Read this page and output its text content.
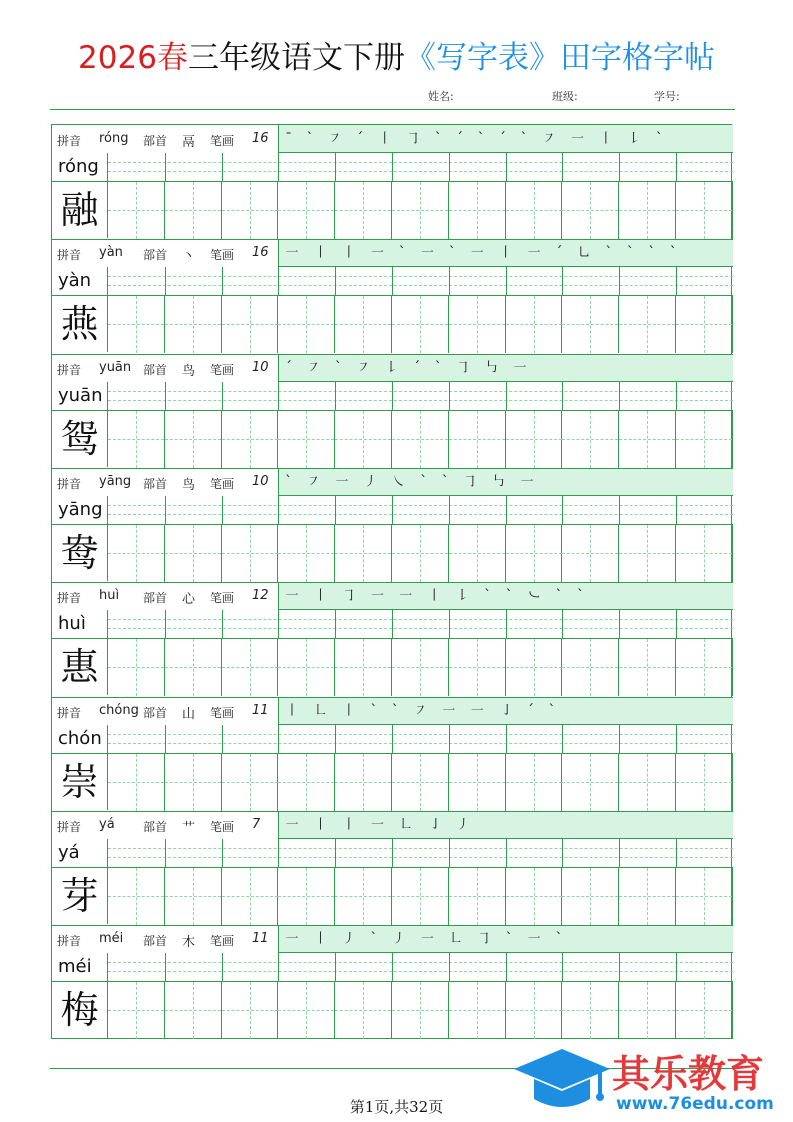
2026春三年级语文下册《写字表》田字格字帖
姓名:	班级:	学号:
拼音 róng 部首 鬲 笔画 16 ˉ ˋ ㇇ ˊ ㇑ ㇆ ˋ ˊ ˋ ˊ ˋ ㇇ ㇐ ㇑ ㇙ ˋ
róng
融
拼音 yàn 部首 丶 笔画 16 ㇐ ㇑ ㇑ ㇐ ˋ ㇐ ˋ ㇐ ㇑ ㇐ ˊ ㇟ ˋ ˋ ˋ ˋ
yàn
燕
拼音 yuān 部首 鸟 笔画 10 ˊ ㇇ ˋ ㇇ ㇙ ˊ ˋ ㇆ ㇉ ㇐
yuān
鸳
拼音 yāng 部首 鸟 笔画 10 ˋ ㇇ ㇐ ㇓ ㇏ ˋ ˋ ㇆ ㇉ ㇐
yāng
鸯
拼音 huì 部首 心 笔画 12 ㇐ ㇑ ㇆ ㇐ ㇐ ㇑ ㇙ ˋ ˋ ㇃ ˋ ˋ
huì
惠
拼音 chóng 部首 山 笔画 11 ㇑ ㇗ ㇑ ˋ ˋ ㇇ ㇐ ㇐ ㇚ ˊ ˋ
chón
崇
拼音 yá 部首 艹 笔画 7 ㇐ ㇑ ㇑ ㇐ ㇗ ㇚ ㇓
yá
芽
拼音 méi 部首 木 笔画 11 ㇐ ㇑ ㇓ ˋ ㇓ ㇐ ㇗ ㇆ ˋ ㇐ ˋ
méi
梅
第1页,共32页
其乐教育
www.76edu.com
